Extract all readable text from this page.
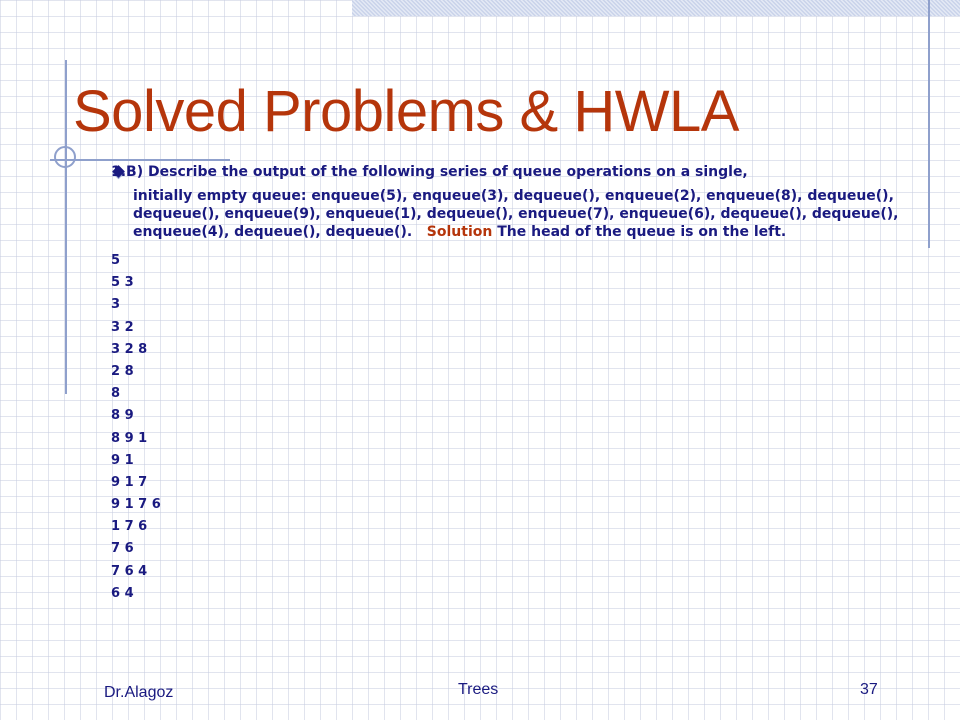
Solved Problems & HWLA

1.B) Describe the output of the following series of queue operations on a single,

initially empty queue: enqueue(5), enqueue(3), dequeue(), enqueue(2), enqueue(8), dequeue(), dequeue(), enqueue(9), enqueue(1), dequeue(), enqueue(7), enqueue(6), dequeue(), dequeue(), enqueue(4), dequeue(), dequeue(). Solution The head of the queue is on the left.

5
5 3
3
3 2
3 2 8
2 8
8
8 9
8 9 1
9 1
9 1 7
9 1 7 6
1 7 6
7 6
7 6 4
6 4
Dr.Alagoz	Trees	37
